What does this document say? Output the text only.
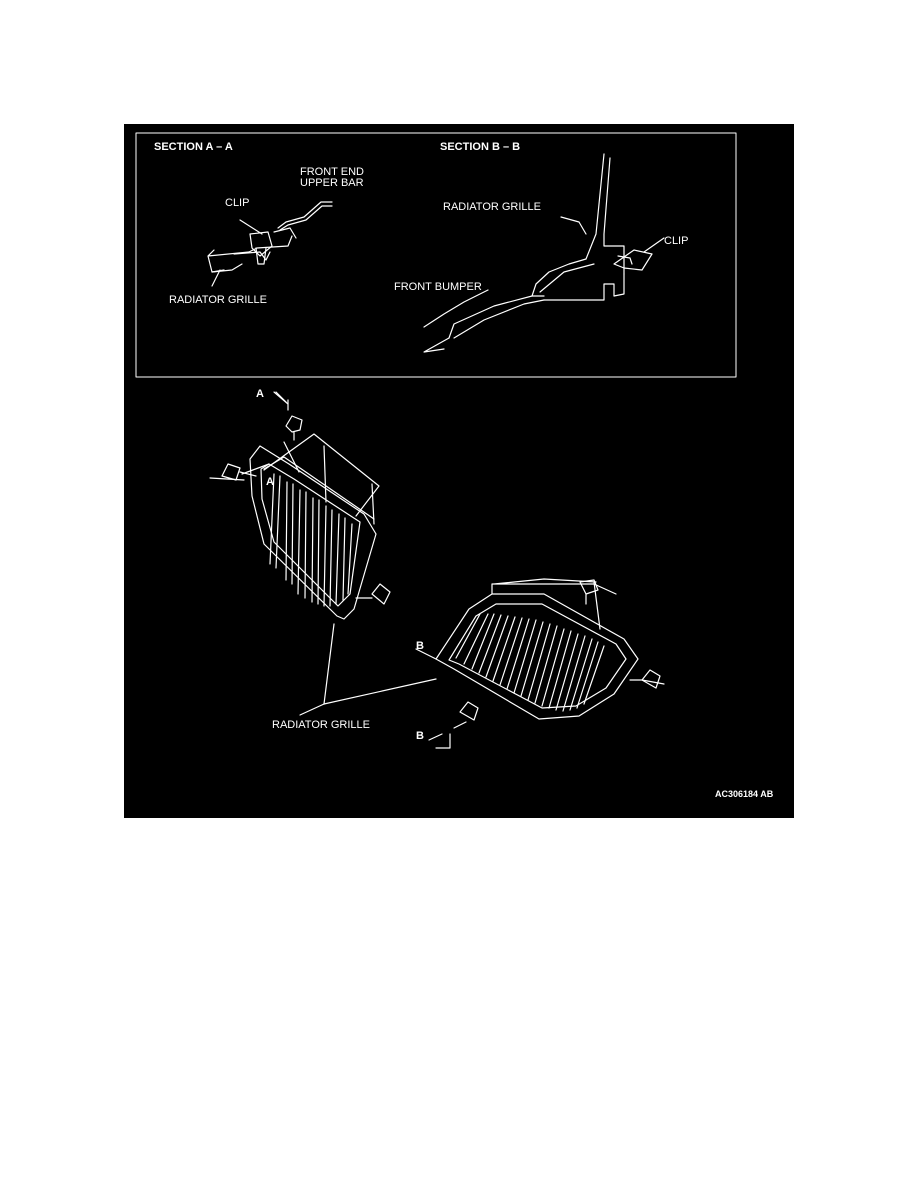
SECTION A – A
FRONT END
UPPER BAR
CLIP
RADIATOR GRILLE
SECTION B – B
RADIATOR GRILLE
CLIP
FRONT BUMPER
A
A
B
B
RADIATOR GRILLE
AC306184 AB
